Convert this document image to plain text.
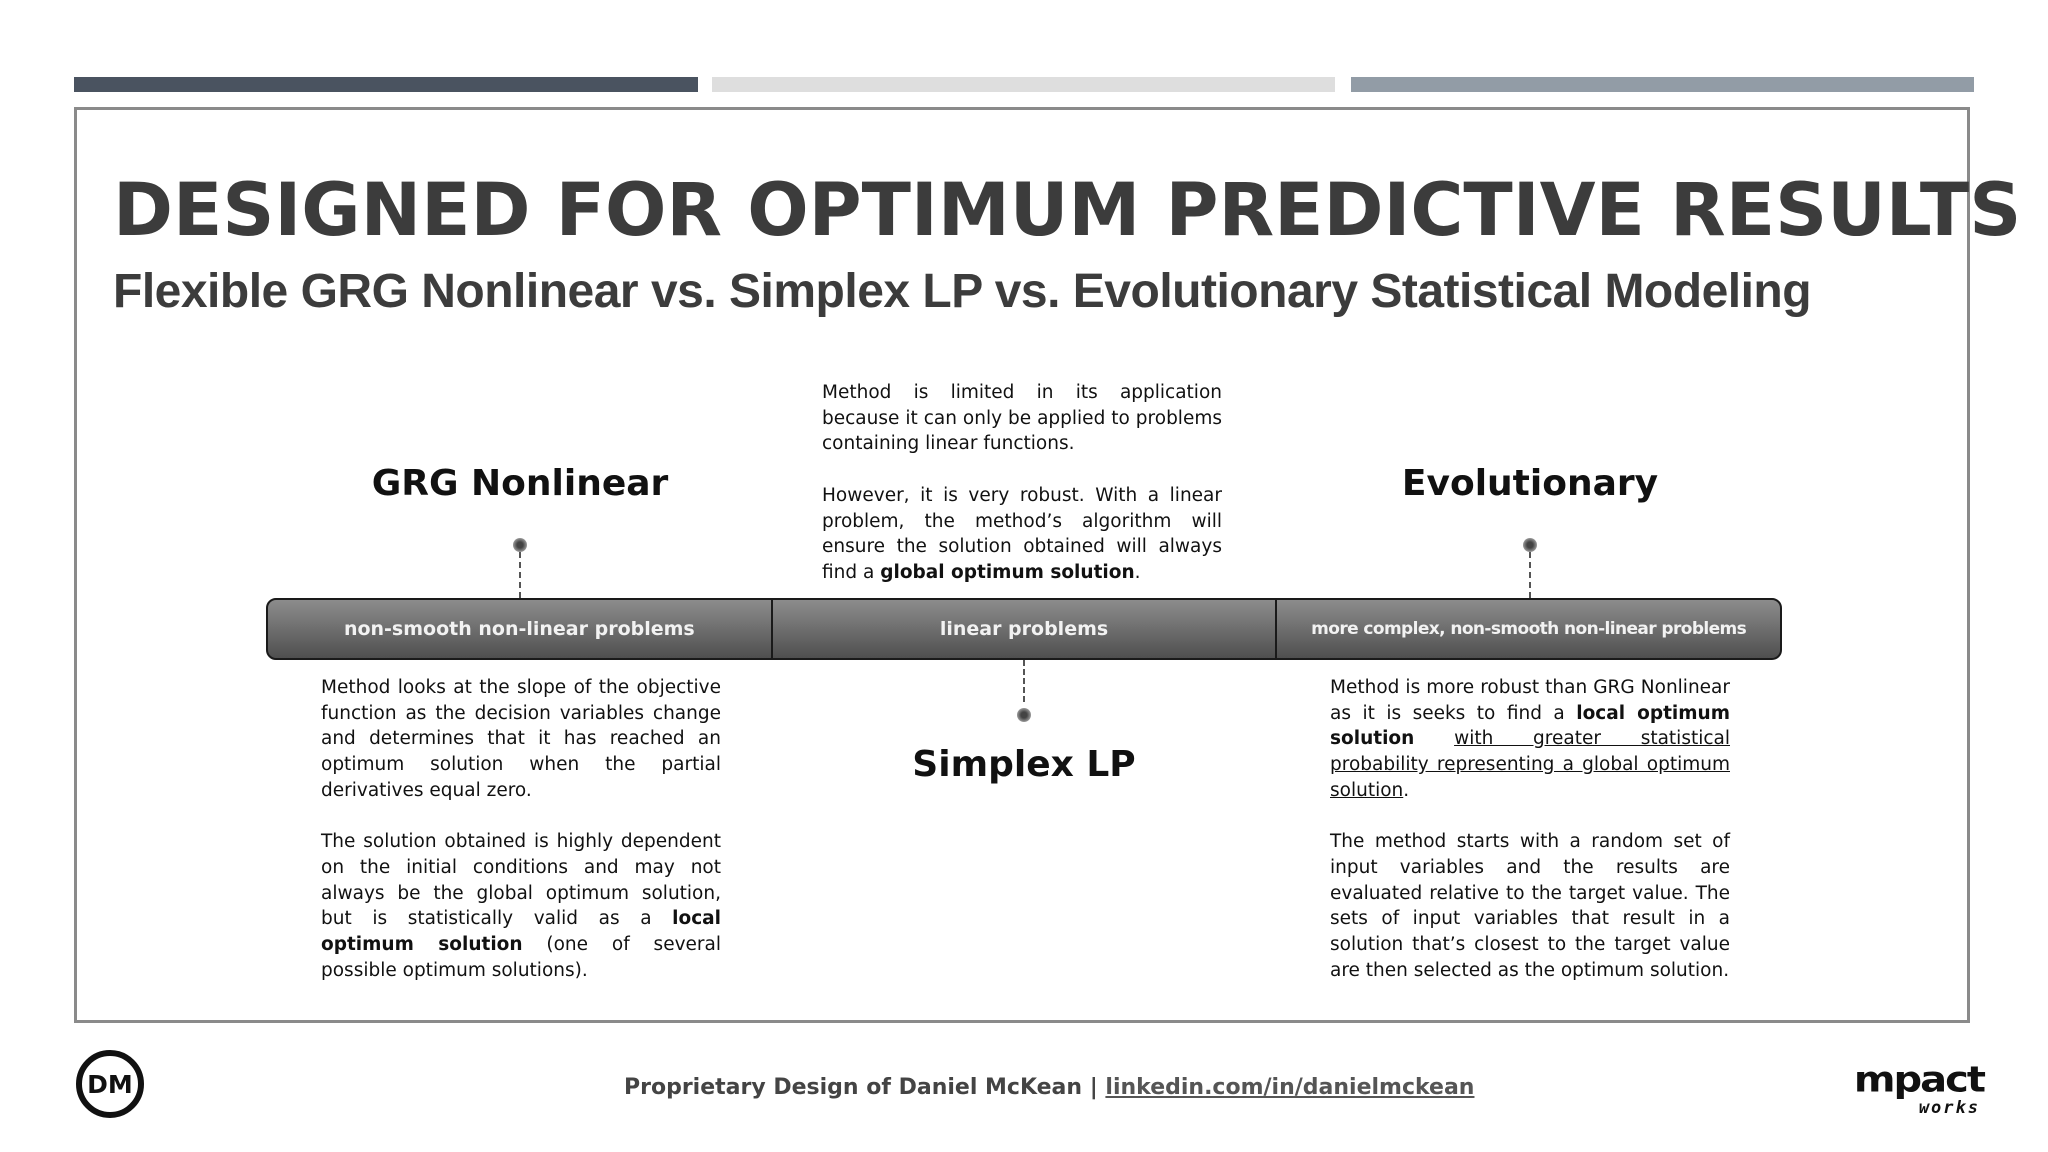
DESIGNED FOR OPTIMUM PREDICTIVE RESULTS
Flexible GRG Nonlinear vs. Simplex LP vs. Evolutionary Statistical Modeling
GRG Nonlinear	Evolutionary

Method is limited in its application because it can only be applied to problems containing linear functions.

However, it is very robust. With a linear problem, the method’s algorithm will ensure the solution obtained will always find a global optimum solution.

non-smooth non-linear problems	linear problems	more complex, non-smooth non-linear problems
Simplex LP

Method looks at the slope of the objective function as the decision variables change and determines that it has reached an optimum solution when the partial derivatives equal zero.

The solution obtained is highly dependent on the initial conditions and may not always be the global optimum solution, but is statistically valid as a local optimum solution (one of several possible optimum solutions).

Method is more robust than GRG Nonlinear as it is seeks to find a local optimum solution with greater statistical probability representing a global optimum solution.

The method starts with a random set of input variables and the results are evaluated relative to the target value. The sets of input variables that result in a solution that’s closest to the target value are then selected as the optimum solution.

DM	Proprietary Design of Daniel McKean | linkedin.com/in/danielmckean	mpact
works
